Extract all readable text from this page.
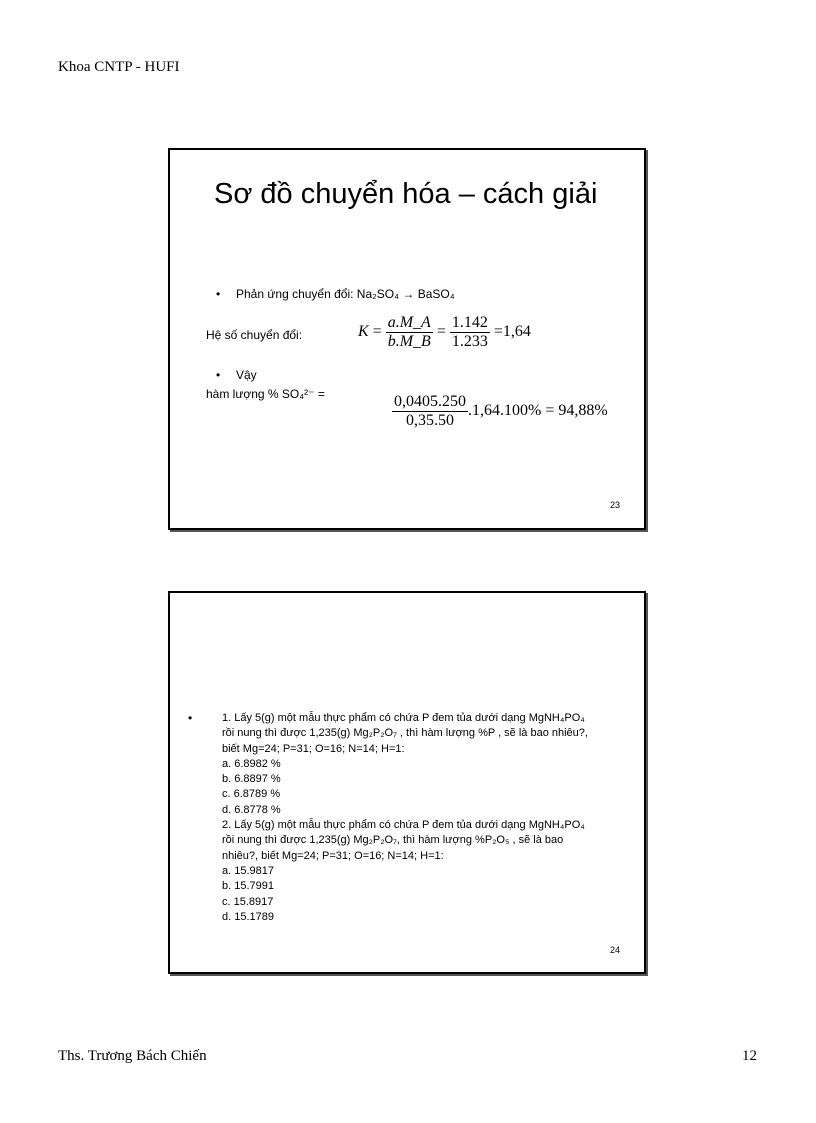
Khoa CNTP - HUFI
Sơ đồ chuyển hóa – cách giải
• Phản ứng chuyển đổi: Na₂SO₄ → BaSO₄
Hệ số chuyển đổi:	$K = \frac{a.M\_A}{b.M\_B} = \frac{1.142}{1.233} =1,64$
• Vậy
hàm lượng % SO₄²⁻ =	$\frac{0,0405.250}{0,35.50} .1,64.100\% = 94,88\%$
23
•	1. Lấy 5(g) một mẫu thực phẩm có chứa P đem tủa dưới dạng MgNH₄PO₄
rồi nung thì được 1,235(g) Mg₂P₂O₇ , thì hàm lượng %P , sẽ là bao nhiêu?,
biết Mg=24; P=31; O=16; N=14; H=1:
a. 6.8982 %
b. 6.8897 %
c. 6.8789 %
d. 6.8778 %
2. Lấy 5(g) một mẫu thực phẩm có chứa P đem tủa dưới dạng MgNH₄PO₄
rồi nung thì được 1,235(g) Mg₂P₂O₇, thì hàm lượng %P₂O₅ , sẽ là bao
nhiêu?, biết Mg=24; P=31; O=16; N=14; H=1:
a. 15.9817
b. 15.7991
c. 15.8917
d. 15.1789
24
Ths. Trương Bách Chiến	12
